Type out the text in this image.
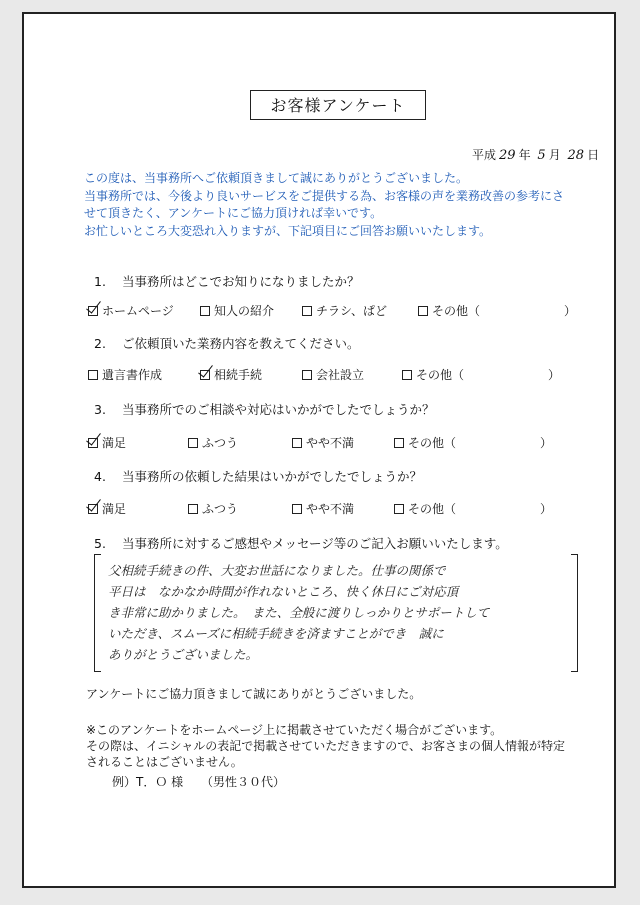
お客様アンケート
平成 29 年 5 月 28 日
この度は、当事務所へご依頼頂きまして誠にありがとうございました。
当事務所では、今後より良いサービスをご提供する為、お客様の声を業務改善の参考にさ
せて頂きたく、アンケートにご協力頂ければ幸いです。
お忙しいところ大変恐れ入りますが、下記項目にご回答お願いいたします。
1. 当事務所はどこでお知りになりましたか？
ホームページ	知人の紹介	チラシ、ぱど	その他（　　　　　　　）
2. ご依頼頂いた業務内容を教えてください。
遺言書作成	相続手続	会社設立	その他（　　　　　　　）
3. 当事務所でのご相談や対応はいかがでしたでしょうか？
満足	ふつう	やや不満	その他（　　　　　　　）
4. 当事務所の依頼した結果はいかがでしたでしょうか？
満足	ふつう	やや不満	その他（　　　　　　　）
5. 当事務所に対するご感想やメッセージ等のご記入お願いいたします。
父相続手続きの件、大変お世話になりました。仕事の関係で
平日は　なかなか時間が作れないところ、快く休日にご対応頂
き非常に助かりました。　また、全般に渡りしっかりとサポートして
いただき、スムーズに相続手続きを済ますことができ　誠に
ありがとうございました。
アンケートにご協力頂きまして誠にありがとうございました。
※このアンケートをホームページ上に掲載させていただく場合がございます。
その際は、イニシャルの表記で掲載させていただきますので、お客さまの個人情報が特定
されることはございません。
例）T．Ｏ 様 （男性３０代）
